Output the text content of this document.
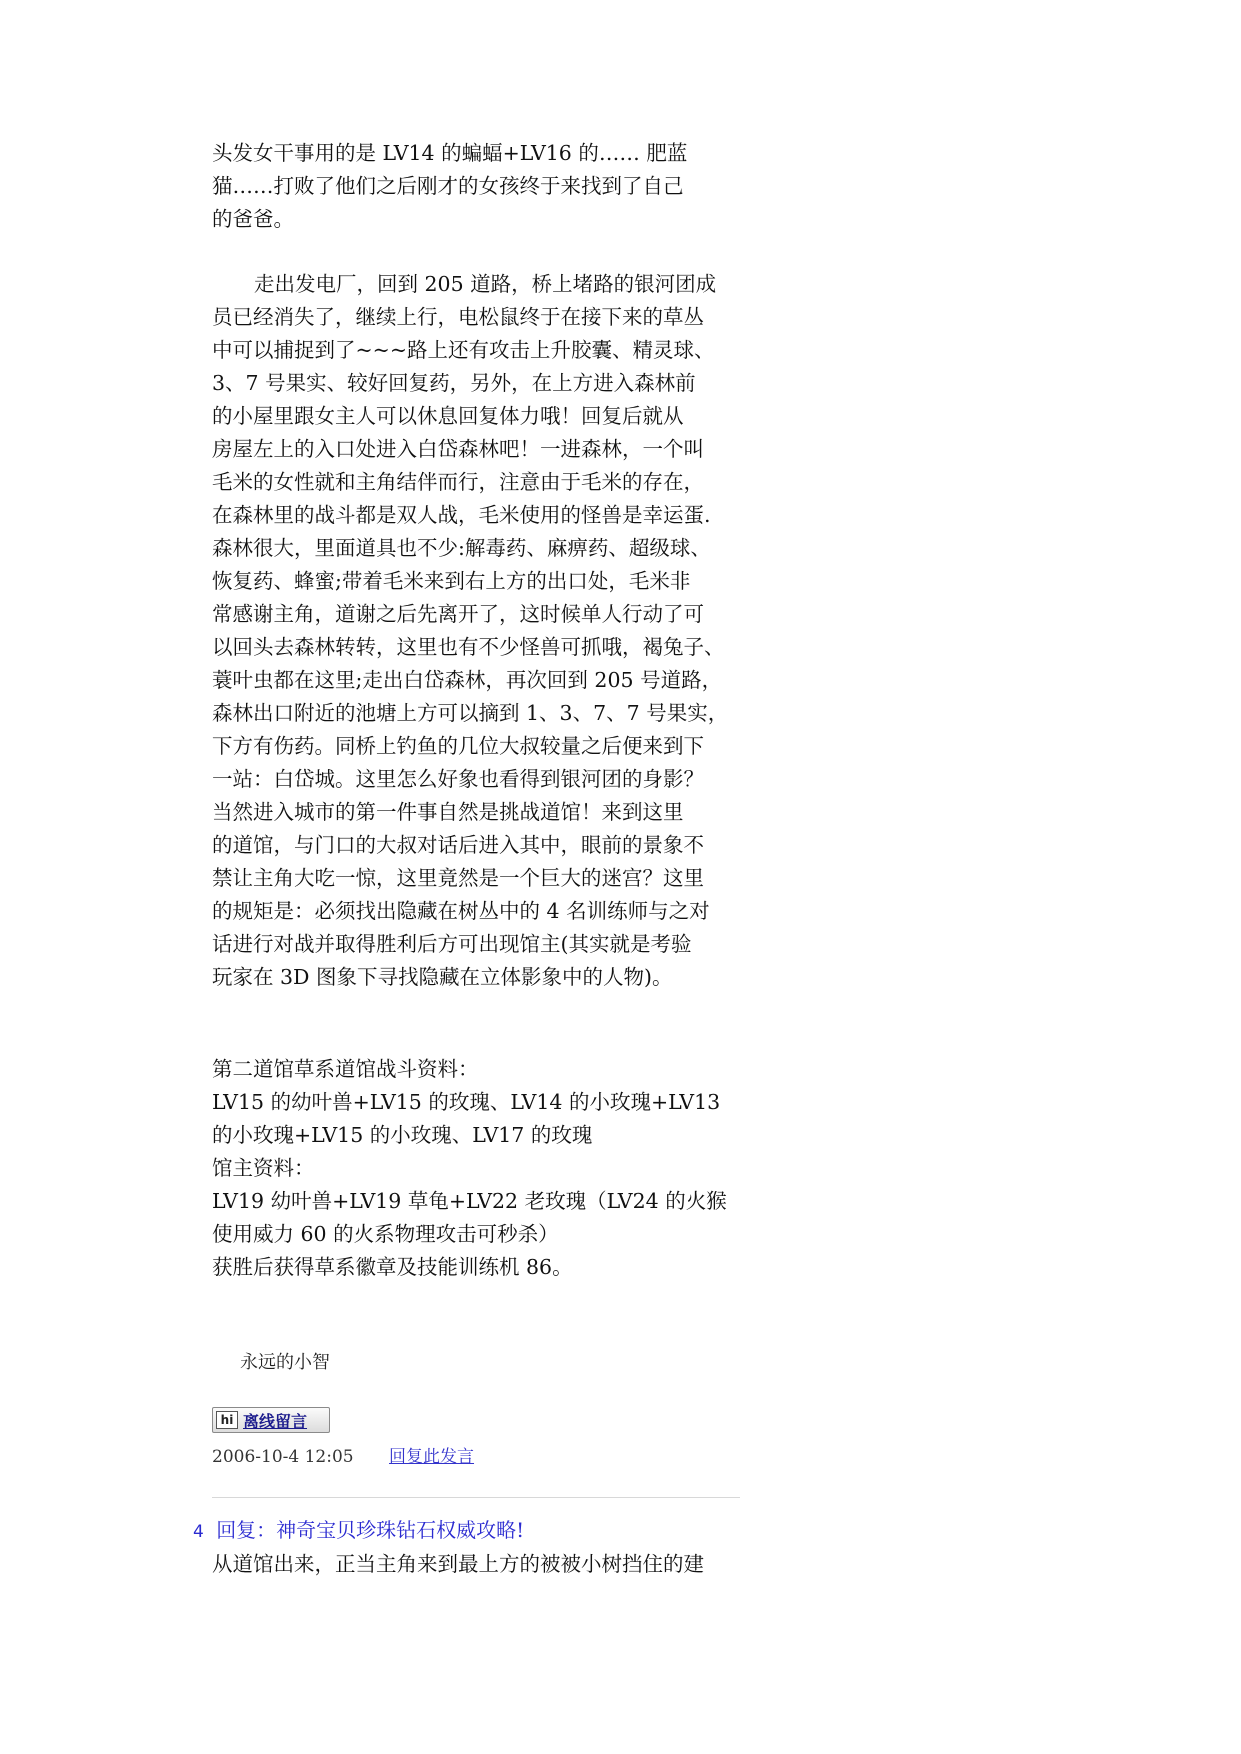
头发女干事用的是 LV14 的蝙蝠+LV16 的…… 肥蓝
猫……打败了他们之后刚才的女孩终于来找到了自己
的爸爸。

走出发电厂，回到 205 道路，桥上堵路的银河团成
员已经消失了，继续上行，电松鼠终于在接下来的草丛
中可以捕捉到了~~~路上还有攻击上升胶囊、精灵球、
3、7 号果实、较好回复药，另外，在上方进入森林前
的小屋里跟女主人可以休息回复体力哦！回复后就从
房屋左上的入口处进入白岱森林吧！一进森林，一个叫
毛米的女性就和主角结伴而行，注意由于毛米的存在，
在森林里的战斗都是双人战，毛米使用的怪兽是幸运蛋.
森林很大，里面道具也不少:解毒药、麻痹药、超级球、
恢复药、蜂蜜;带着毛米来到右上方的出口处，毛米非
常感谢主角，道谢之后先离开了，这时候单人行动了可
以回头去森林转转，这里也有不少怪兽可抓哦，褐兔子、
蓑叶虫都在这里;走出白岱森林，再次回到 205 号道路，
森林出口附近的池塘上方可以摘到 1、3、7、7 号果实，
下方有伤药。同桥上钓鱼的几位大叔较量之后便来到下
一站：白岱城。这里怎么好象也看得到银河团的身影？
当然进入城市的第一件事自然是挑战道馆！来到这里
的道馆，与门口的大叔对话后进入其中，眼前的景象不
禁让主角大吃一惊，这里竟然是一个巨大的迷宫？这里
的规矩是：必须找出隐藏在树丛中的 4 名训练师与之对
话进行对战并取得胜利后方可出现馆主(其实就是考验
玩家在 3D 图象下寻找隐藏在立体影象中的人物)。

第二道馆草系道馆战斗资料：
LV15 的幼叶兽+LV15 的玫瑰、LV14 的小玫瑰+LV13
的小玫瑰+LV15 的小玫瑰、LV17 的玫瑰
馆主资料：
LV19 幼叶兽+LV19 草龟+LV22 老玫瑰（LV24 的火猴
使用威力 60 的火系物理攻击可秒杀）
获胜后获得草系徽章及技能训练机 86。

永远的小智
hi 离线留言
2006-10-4 12:05 回复此发言
4 回复：神奇宝贝珍珠钻石权威攻略!

从道馆出来，正当主角来到最上方的被被小树挡住的建
